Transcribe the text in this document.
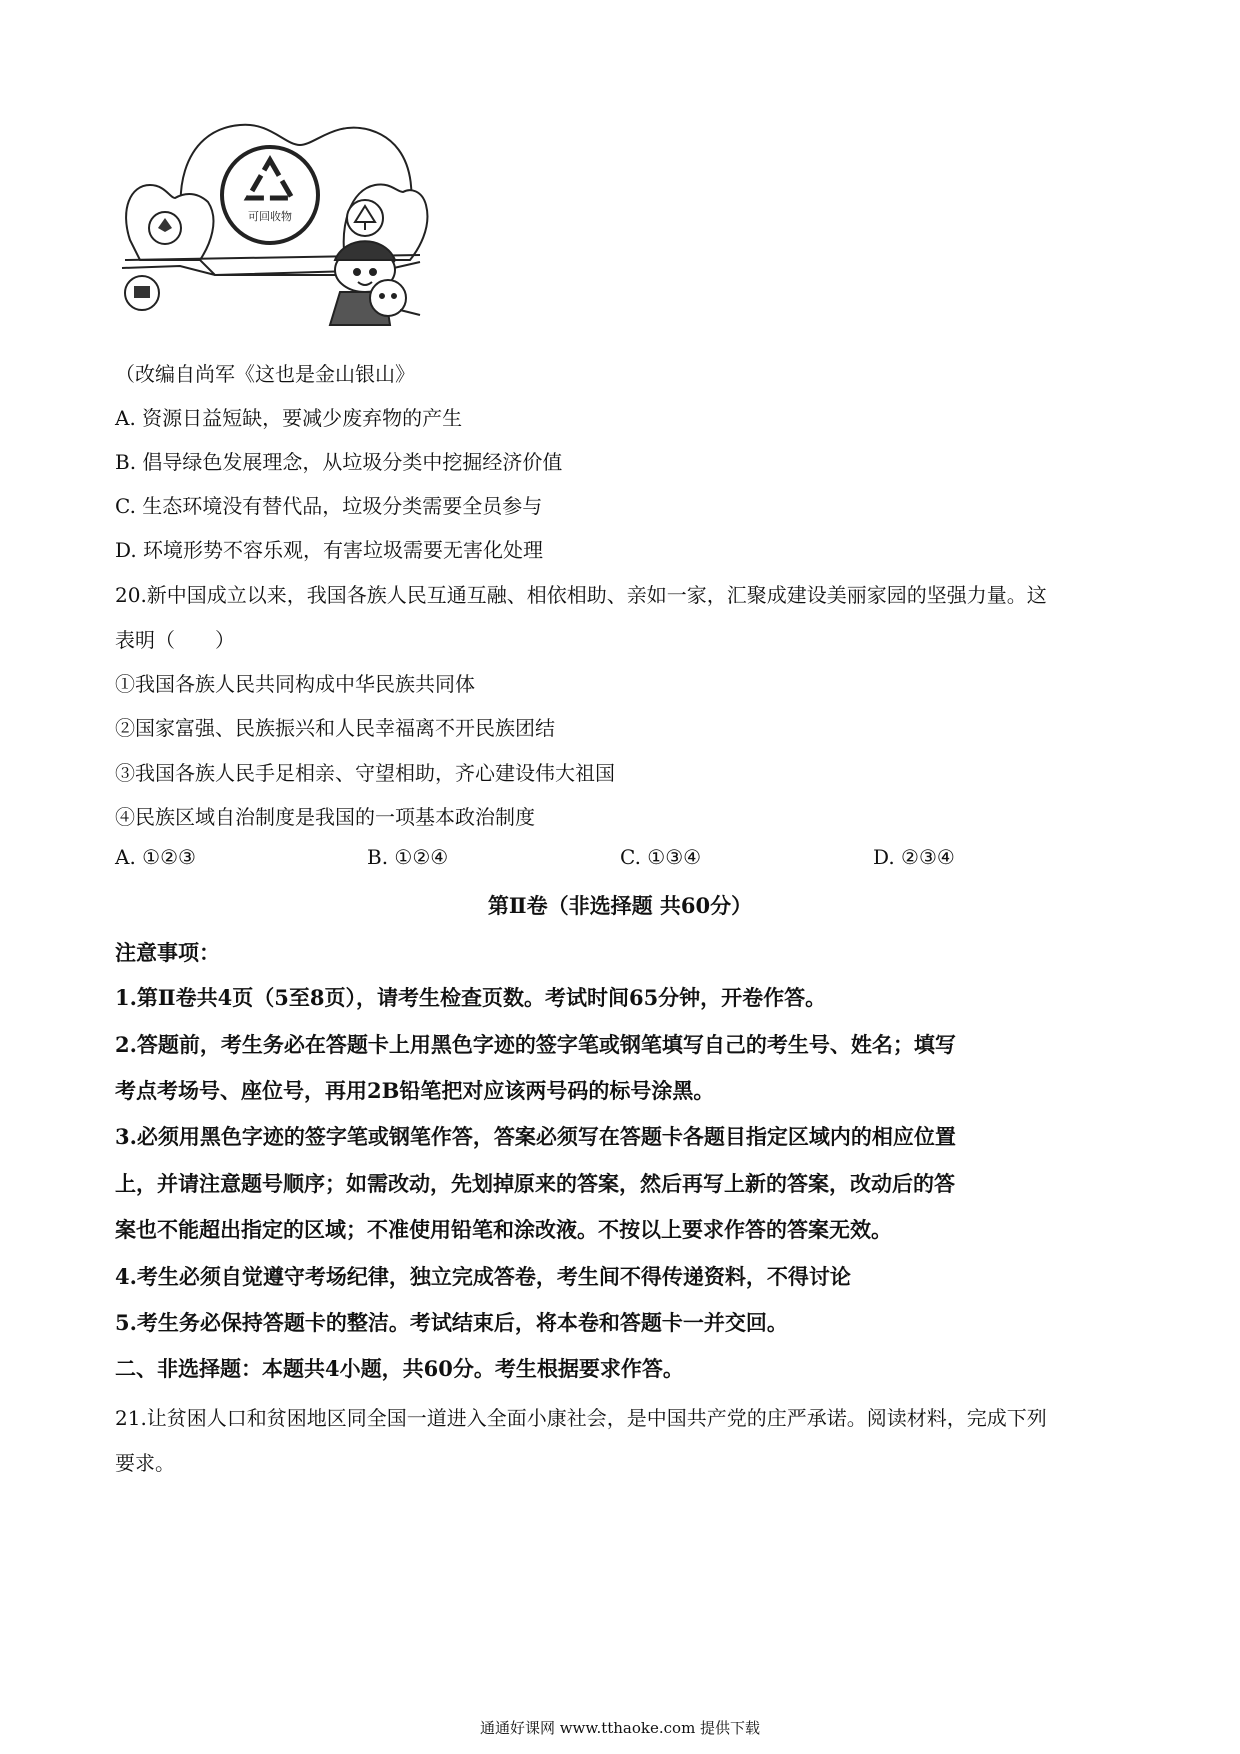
可回收物
（改编自尚军《这也是金山银山》
A. 资源日益短缺，要减少废弃物的产生
B. 倡导绿色发展理念，从垃圾分类中挖掘经济价值
C. 生态环境没有替代品，垃圾分类需要全员参与
D. 环境形势不容乐观，有害垃圾需要无害化处理
20.新中国成立以来，我国各族人民互通互融、相依相助、亲如一家，汇聚成建设美丽家园的坚强力量。这
表明（　　）
①我国各族人民共同构成中华民族共同体
②国家富强、民族振兴和人民幸福离不开民族团结
③我国各族人民手足相亲、守望相助，齐心建设伟大祖国
④民族区域自治制度是我国的一项基本政治制度
A. ①②③	B. ①②④	C. ①③④	D. ②③④
第Ⅱ卷（非选择题 共60分）
注意事项：
1.第Ⅱ卷共4页（5至8页），请考生检查页数。考试时间65分钟，开卷作答。
2.答题前，考生务必在答题卡上用黑色字迹的签字笔或钢笔填写自己的考生号、姓名；填写
考点考场号、座位号，再用2B铅笔把对应该两号码的标号涂黑。
3.必须用黑色字迹的签字笔或钢笔作答，答案必须写在答题卡各题目指定区域内的相应位置
上，并请注意题号顺序；如需改动，先划掉原来的答案，然后再写上新的答案，改动后的答
案也不能超出指定的区域；不准使用铅笔和涂改液。不按以上要求作答的答案无效。
4.考生必须自觉遵守考场纪律，独立完成答卷，考生间不得传递资料，不得讨论
5.考生务必保持答题卡的整洁。考试结束后，将本卷和答题卡一并交回。
二、非选择题：本题共4小题，共60分。考生根据要求作答。
21.让贫困人口和贫困地区同全国一道进入全面小康社会，是中国共产党的庄严承诺。阅读材料，完成下列
要求。
通通好课网 www.tthaoke.com 提供下载
